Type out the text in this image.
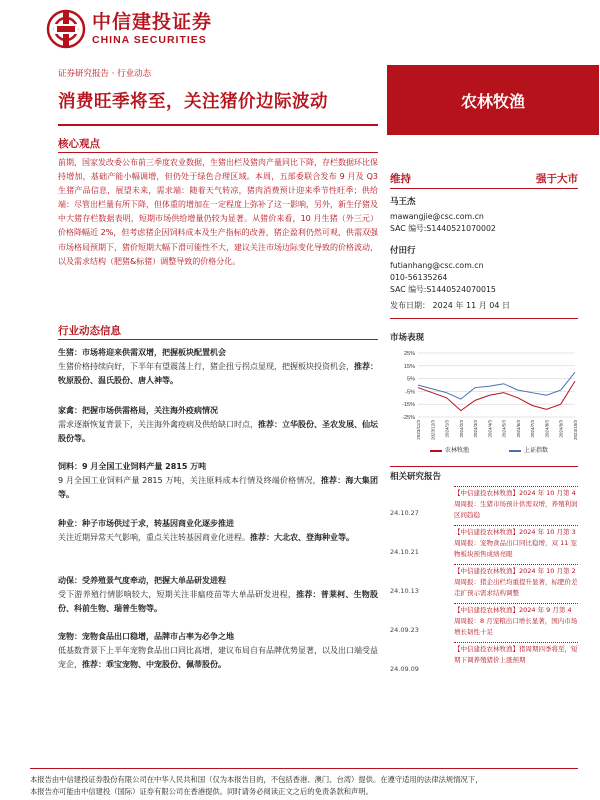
中信建投证券
CHINA SECURITIES
证券研究报告 · 行业动态
消费旺季将至，关注猪价边际波动	农林牧渔
核心观点
前期，国家发改委公布前三季度农业数据，生猪出栏及猪肉产量同比下降，存栏数据环比保持增加，基础产能小幅调增，但仍处于绿色合理区域。本周，五部委联合发布 9 月及 Q3 生猪产品信息，展望未来，需求端：随着天气转凉，猪肉消费预计迎来季节性旺季；供给端：尽管出栏量有所下降，但体重的增加在一定程度上弥补了这一影响，另外，新生仔猪及中大猪存栏数据表明，短期市场供给增量仍较为显著。从猪价来看，10 月生猪（外三元）价格降幅近 2%，但考虑猪企因饲料成本及生产指标的改善，猪企盈利仍然可观，供需双强市场格局预期下，猪价短期大幅下滑可能性不大，建议关注市场边际变化导致的价格波动，以及需求结构（肥猪&标猪）调整导致的价格分化。
行业动态信息
生猪：市场将迎来供需双增，把握板块配置机会
生猪价格持续向好，下半年有望震荡上行，猪企扭亏拐点显现，把握板块投资机会，推荐：牧原股份、温氏股份、唐人神等。
家禽：把握市场供需格局，关注海外疫病情况
需求逐渐恢复背景下，关注海外禽疫病及供给缺口时点，推荐：立华股份、圣农发展、仙坛股份等。
饲料：9 月全国工业饲料产量 2815 万吨
9 月全国工业饲料产量 2815 万吨，关注原料成本行情及终端价格情况，推荐：海大集团等。
种业：种子市场供过于求，转基因商业化逐步推进
关注近期异常天气影响，重点关注转基因商业化进程。推荐：大北农、登海种业等。
动保：受养殖景气度牵动，把握大单品研发进程
受下游养殖行情影响较大，短期关注非瘟疫苗等大单品研发进程，推荐：普莱柯、生物股份、科前生物、瑞普生物等。
宠物：宠物食品出口稳增，品牌市占率为必争之地
低基数背景下上半年宠物食品出口同比高增，建议布局自有品牌优势显著，以及出口端受益宠企，推荐：乖宝宠物、中宠股份、佩蒂股份。
维持	强于大市
马王杰
mawangjie@csc.com.cn
SAC 编号:S1440521070002
付田行
futianhang@csc.com.cn
010-56135264
SAC 编号:S1440524070015
发布日期： 2024 年 11 月 04 日
市场表现
25%
15%
5%
-5%
-15%
-25%
2023/11/3 2023/12/3 2024/1/3 2024/2/3 2024/3/3 2024/4/3 2024/5/3 2024/6/3 2024/7/3 2024/8/3 2024/9/3 2024/10/3
农林牧渔	上证指数
相关研究报告
24.10.27
【中信建投农林牧渔】2024 年 10 月第 4 周周报：生猪市场预计供需双增，养殖利润区间趋稳
24.10.21
【中信建投农林牧渔】2024 年 10 月第 3 周周报：宠物食品出口同比稳增，双 11 宠物板块预售成绩亮眼
24.10.13
【中信建投农林牧渔】2024 年 10 月第 2 周周报：猪企出栏均重提升显著，标肥价差走扩预示需求结构调整
24.09.23
【中信建投农林牧渔】2024 年 9 月第 4 周周报：8 月宠粮出口增长显著，国内市场增长韧性十足
24.09.09
【中信建投农林牧渔】猪周期四季将至，短期下调养殖猪价上涨预期
本报告由中信建投证券股份有限公司在中华人民共和国（仅为本报告目的，不包括香港、澳门、台湾）提供。在遵守适用的法律法规情况下，
本报告亦可能由中信建投（国际）证券有限公司在香港提供。同时请务必阅读正文之后的免责条款和声明。
